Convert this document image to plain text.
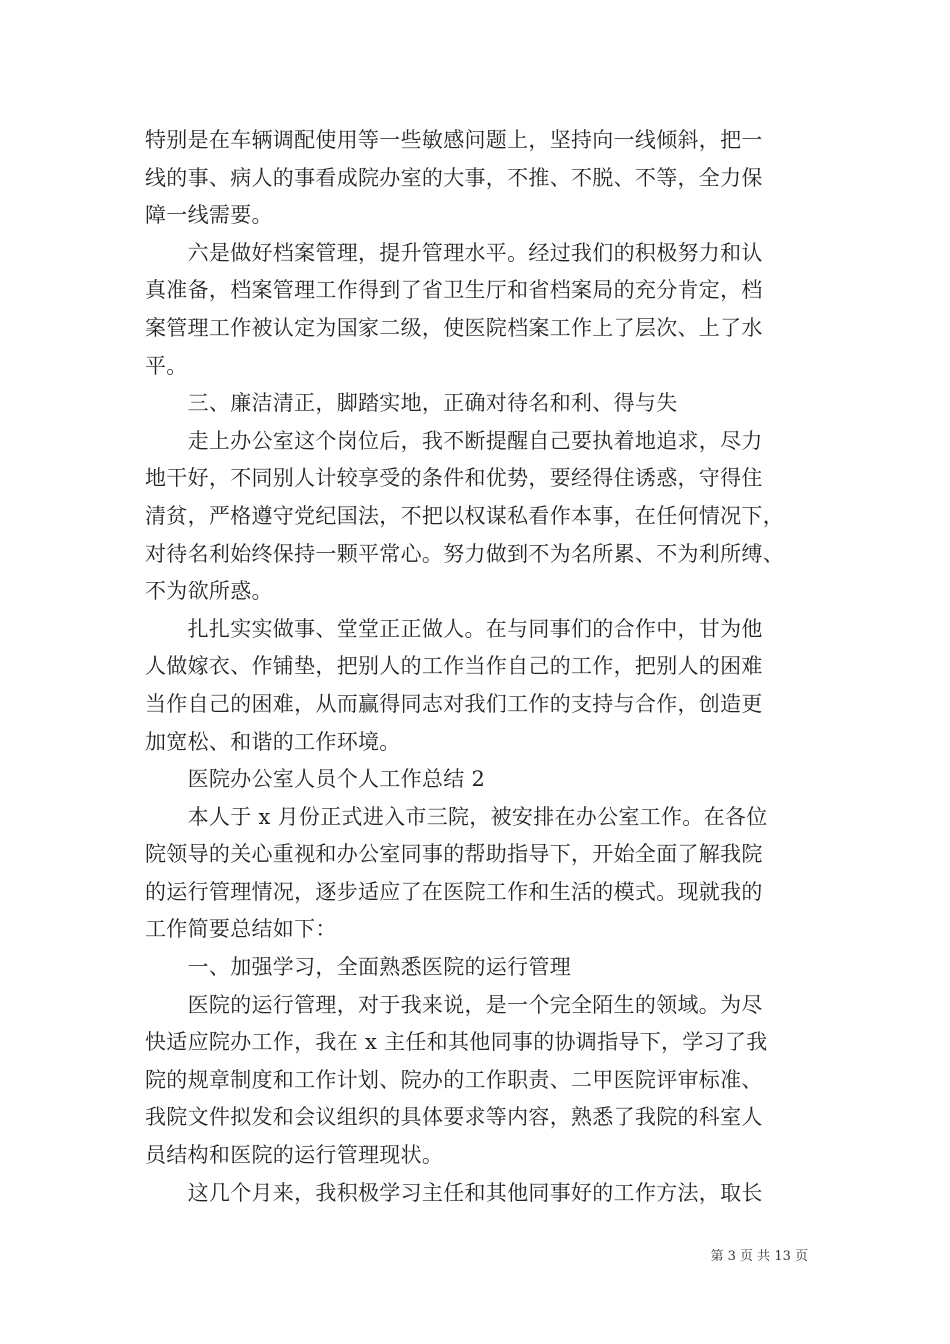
特别是在车辆调配使用等一些敏感问题上，坚持向一线倾斜，把一
线的事、病人的事看成院办室的大事，不推、不脱、不等，全力保
障一线需要。
　　六是做好档案管理，提升管理水平。经过我们的积极努力和认
真准备，档案管理工作得到了省卫生厅和省档案局的充分肯定，档
案管理工作被认定为国家二级，使医院档案工作上了层次、上了水
平。
　　三、廉洁清正，脚踏实地，正确对待名和利、得与失
　　走上办公室这个岗位后，我不断提醒自己要执着地追求，尽力
地干好，不同别人计较享受的条件和优势，要经得住诱惑，守得住
清贫，严格遵守党纪国法，不把以权谋私看作本事，在任何情况下，
对待名利始终保持一颗平常心。努力做到不为名所累、不为利所缚、
不为欲所惑。
　　扎扎实实做事、堂堂正正做人。在与同事们的合作中，甘为他
人做嫁衣、作铺垫，把别人的工作当作自己的工作，把别人的困难
当作自己的困难，从而赢得同志对我们工作的支持与合作，创造更
加宽松、和谐的工作环境。
　　医院办公室人员个人工作总结 2
　　本人于 x 月份正式进入市三院，被安排在办公室工作。在各位
院领导的关心重视和办公室同事的帮助指导下，开始全面了解我院
的运行管理情况，逐步适应了在医院工作和生活的模式。现就我的
工作简要总结如下：
　　一、加强学习，全面熟悉医院的运行管理
　　医院的运行管理，对于我来说，是一个完全陌生的领域。为尽
快适应院办工作，我在 x 主任和其他同事的协调指导下，学习了我
院的规章制度和工作计划、院办的工作职责、二甲医院评审标准、
我院文件拟发和会议组织的具体要求等内容，熟悉了我院的科室人
员结构和医院的运行管理现状。
　　这几个月来，我积极学习主任和其他同事好的工作方法，取长
第 3 页 共 13 页
